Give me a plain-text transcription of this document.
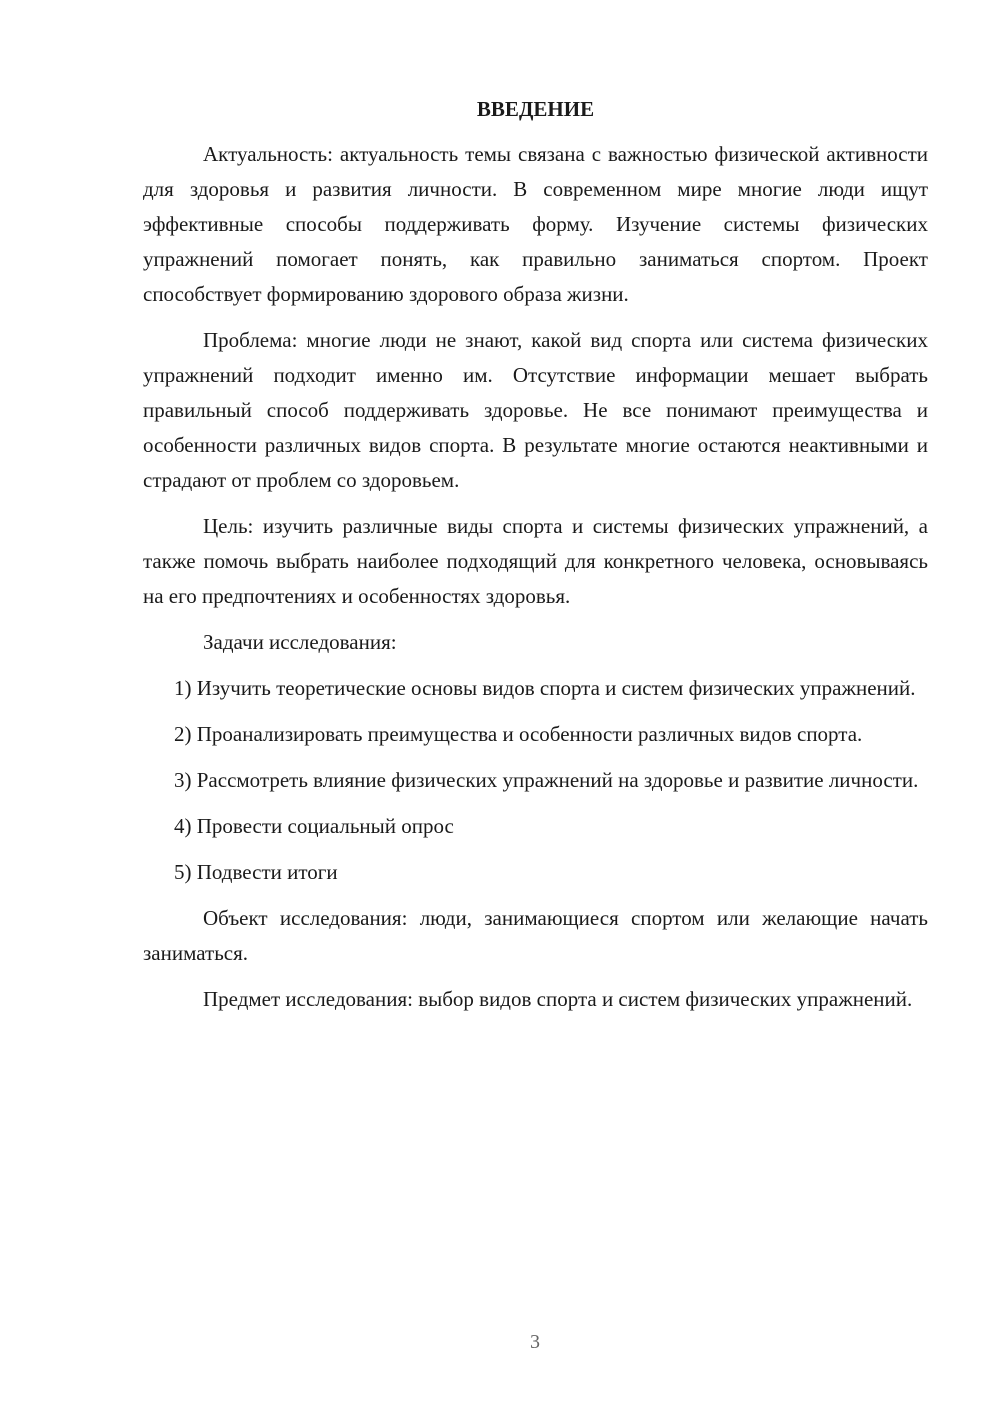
ВВЕДЕНИЕ

Актуальность: актуальность темы связана с важностью физической активности для здоровья и развития личности. В современном мире многие люди ищут эффективные способы поддерживать форму. Изучение системы физических упражнений помогает понять, как правильно заниматься спортом. Проект способствует формированию здорового образа жизни.

Проблема: многие люди не знают, какой вид спорта или система физических упражнений подходит именно им. Отсутствие информации мешает выбрать правильный способ поддерживать здоровье. Не все понимают преимущества и особенности различных видов спорта. В результате многие остаются неактивными и страдают от проблем со здоровьем.

Цель: изучить различные виды спорта и системы физических упражнений, а также помочь выбрать наиболее подходящий для конкретного человека, основываясь на его предпочтениях и особенностях здоровья.

Задачи исследования:

1) Изучить теоретические основы видов спорта и систем физических упражнений.

2) Проанализировать преимущества и особенности различных видов спорта.

3) Рассмотреть влияние физических упражнений на здоровье и развитие личности.

4) Провести социальный опрос

5) Подвести итоги

Объект исследования: люди, занимающиеся спортом или желающие начать заниматься.

Предмет исследования: выбор видов спорта и систем физических упражнений.

3
